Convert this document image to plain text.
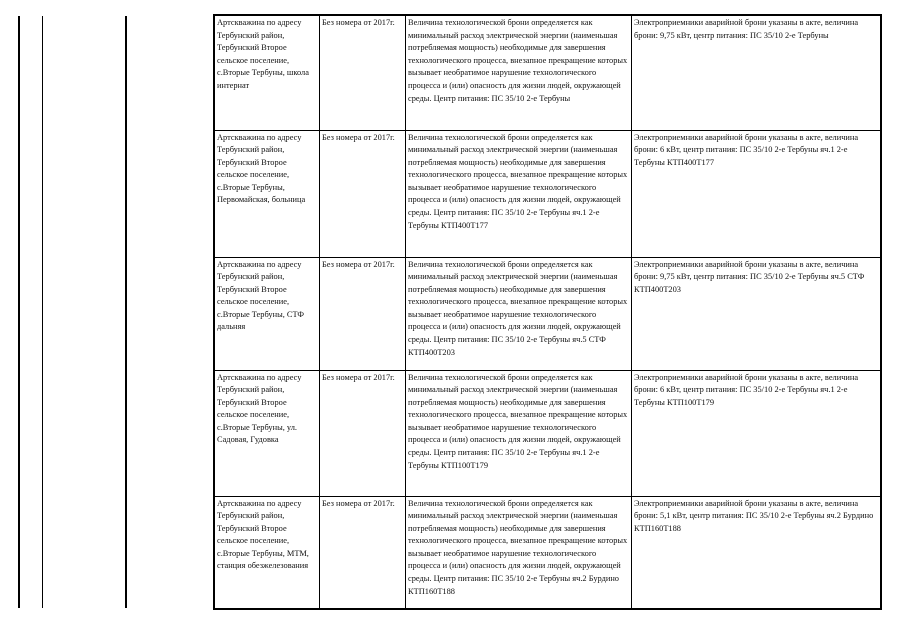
Артскважина по адресу Тербунский район, Тербунский Второе сельское поселение, с.Вторые Тербуны, школа интернат	Без номера от 2017г.	Величина технологической брони определяется как минимальный расход электрической энергии (наименьшая потребляемая мощность) необходимые для завершения технологического процесса, внезапное прекращение которых вызывает необратимое нарушение технологического процесса и (или) опасность для жизни людей, окружающей среды. Центр питания: ПС 35/10 2-е Тербуны	Электроприемники аварийной брони указаны в акте, величина брони: 9,75 кВт, центр питания: ПС 35/10 2-е Тербуны
Артскважина по адресу Тербунский район, Тербунский Второе сельское поселение, с.Вторые Тербуны, Первомайская, больница	Без номера от 2017г.	Величина технологической брони определяется как минимальный расход электрической энергии (наименьшая потребляемая мощность) необходимые для завершения технологического процесса, внезапное прекращение которых вызывает необратимое нарушение технологического процесса и (или) опасность для жизни людей, окружающей среды. Центр питания: ПС 35/10 2-е Тербуны яч.1 2-е Тербуны КТП400Т177	Электроприемники аварийной брони указаны в акте, величина брони: 6 кВт, центр питания: ПС 35/10 2-е Тербуны яч.1 2-е Тербуны КТП400Т177
Артскважина по адресу Тербунский район, Тербунский Второе сельское поселение, с.Вторые Тербуны, СТФ дальняя	Без номера от 2017г.	Величина технологической брони определяется как минимальный расход электрической энергии (наименьшая потребляемая мощность) необходимые для завершения технологического процесса, внезапное прекращение которых вызывает необратимое нарушение технологического процесса и (или) опасность для жизни людей, окружающей среды. Центр питания: ПС 35/10 2-е Тербуны яч.5 СТФ КТП400Т203	Электроприемники аварийной брони указаны в акте, величина брони: 9,75 кВт, центр питания: ПС 35/10 2-е Тербуны яч.5 СТФ КТП400Т203
Артскважина по адресу Тербунский район, Тербунский Второе сельское поселение, с.Вторые Тербуны, ул. Садовая, Гудовка	Без номера от 2017г.	Величина технологической брони определяется как минимальный расход электрической энергии (наименьшая потребляемая мощность) необходимые для завершения технологического процесса, внезапное прекращение которых вызывает необратимое нарушение технологического процесса и (или) опасность для жизни людей, окружающей среды. Центр питания: ПС 35/10 2-е Тербуны яч.1 2-е Тербуны КТП100Т179	Электроприемники аварийной брони указаны в акте, величина брони: 6 кВт, центр питания: ПС 35/10 2-е Тербуны яч.1 2-е Тербуны КТП100Т179
Артскважина по адресу Тербунский район, Тербунский Второе сельское поселение, с.Вторые Тербуны, МТМ, станция обезжелезования	Без номера от 2017г.	Величина технологической брони определяется как минимальный расход электрической энергии (наименьшая потребляемая мощность) необходимые для завершения технологического процесса, внезапное прекращение которых вызывает необратимое нарушение технологического процесса и (или) опасность для жизни людей, окружающей среды. Центр питания: ПС 35/10 2-е Тербуны яч.2 Бурдино КТП160Т188	Электроприемники аварийной брони указаны в акте, величина брони: 5,1 кВт, центр питания: ПС 35/10 2-е Тербуны яч.2 Бурдино КТП160Т188
